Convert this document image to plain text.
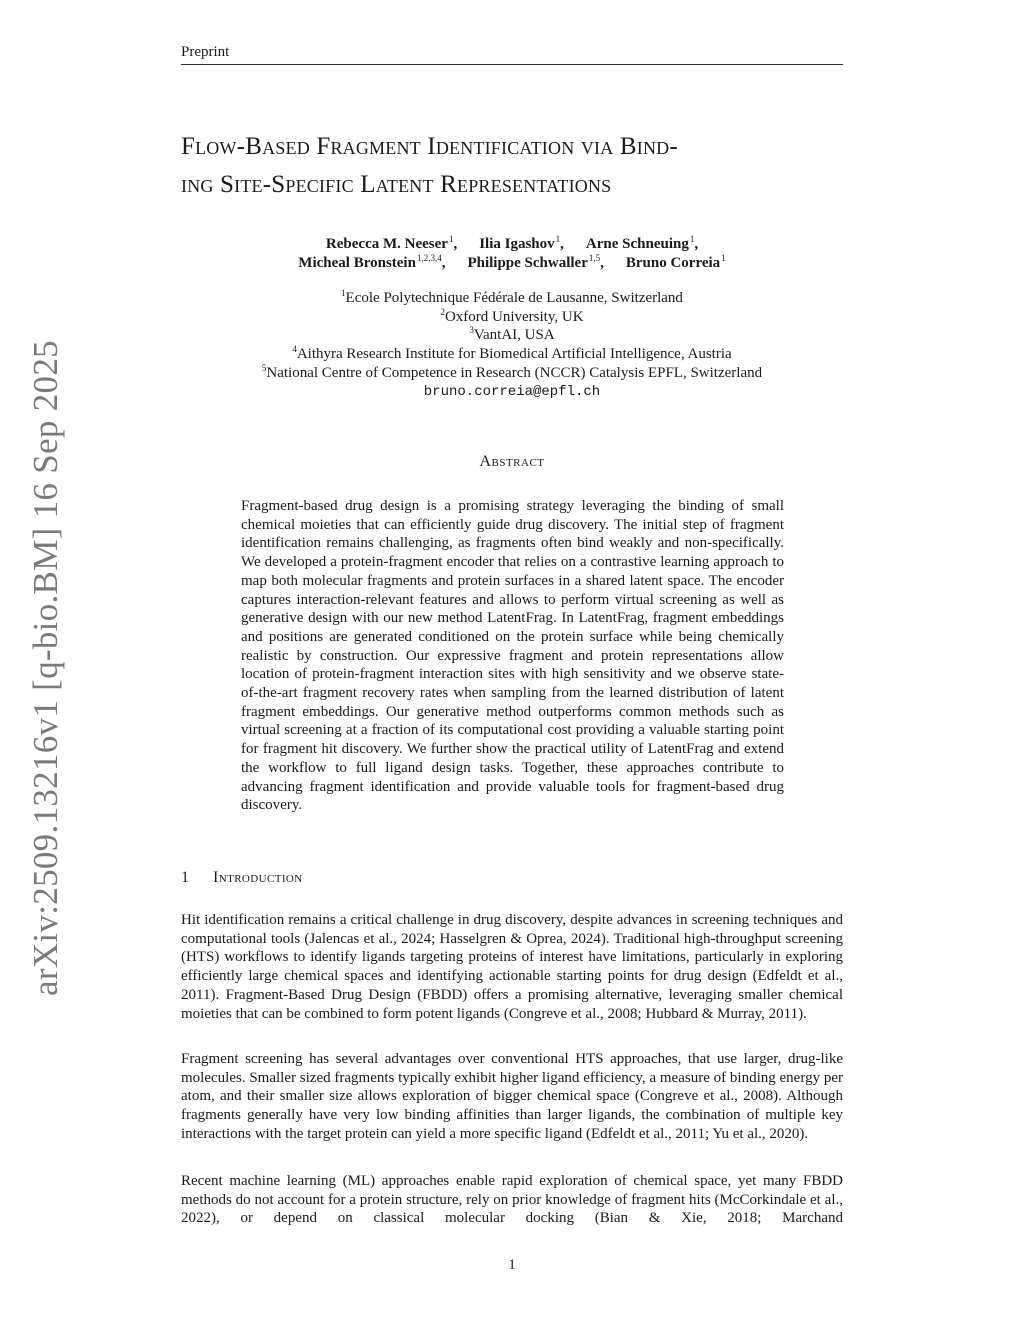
Preprint
Flow-Based Fragment Identification via Bind-
ing Site-Specific Latent Representations
Rebecca M. Neeser$^1$, Ilia Igashov$^1$, Arne Schneuing$^1$,
Micheal Bronstein$^{1,2,3,4}$, Philippe Schwaller$^{1,5}$, Bruno Correia$^1$
$^1$Ecole Polytechnique Fédérale de Lausanne, Switzerland
$^2$Oxford University, UK
$^3$VantAI, USA
$^4$Aithyra Research Institute for Biomedical Artificial Intelligence, Austria
$^5$National Centre of Competence in Research (NCCR) Catalysis EPFL, Switzerland
bruno.correia@epfl.ch
Abstract
Fragment-based drug design is a promising strategy leveraging the binding of small chemical moieties that can efficiently guide drug discovery. The initial step of fragment identification remains challenging, as fragments often bind weakly and non-specifically. We developed a protein-fragment encoder that relies on a contrastive learning approach to map both molecular fragments and protein surfaces in a shared latent space. The encoder captures interaction-relevant features and allows to perform virtual screening as well as generative design with our new method LatentFrag. In LatentFrag, fragment embeddings and positions are generated conditioned on the protein surface while being chemically realistic by construction. Our expressive fragment and protein representations allow location of protein-fragment interaction sites with high sensitivity and we observe state-of-the-art fragment recovery rates when sampling from the learned distribution of latent fragment embeddings. Our generative method outperforms common methods such as virtual screening at a fraction of its computational cost providing a valuable starting point for fragment hit discovery. We further show the practical utility of LatentFrag and extend the workflow to full ligand design tasks. Together, these approaches contribute to advancing fragment identification and provide valuable tools for fragment-based drug discovery.
1 Introduction
Hit identification remains a critical challenge in drug discovery, despite advances in screening techniques and computational tools (Jalencas et al., 2024; Hasselgren & Oprea, 2024). Traditional high-throughput screening (HTS) workflows to identify ligands targeting proteins of interest have limitations, particularly in exploring efficiently large chemical spaces and identifying actionable starting points for drug design (Edfeldt et al., 2011). Fragment-Based Drug Design (FBDD) offers a promising alternative, leveraging smaller chemical moieties that can be combined to form potent ligands (Congreve et al., 2008; Hubbard & Murray, 2011).
Fragment screening has several advantages over conventional HTS approaches, that use larger, drug-like molecules. Smaller sized fragments typically exhibit higher ligand efficiency, a measure of binding energy per atom, and their smaller size allows exploration of bigger chemical space (Congreve et al., 2008). Although fragments generally have very low binding affinities than larger ligands, the combination of multiple key interactions with the target protein can yield a more specific ligand (Edfeldt et al., 2011; Yu et al., 2020).
Recent machine learning (ML) approaches enable rapid exploration of chemical space, yet many FBDD methods do not account for a protein structure, rely on prior knowledge of fragment hits (McCorkindale et al., 2022), or depend on classical molecular docking (Bian & Xie, 2018; Marchand
1
arXiv:2509.13216v1 [q-bio.BM] 16 Sep 2025
